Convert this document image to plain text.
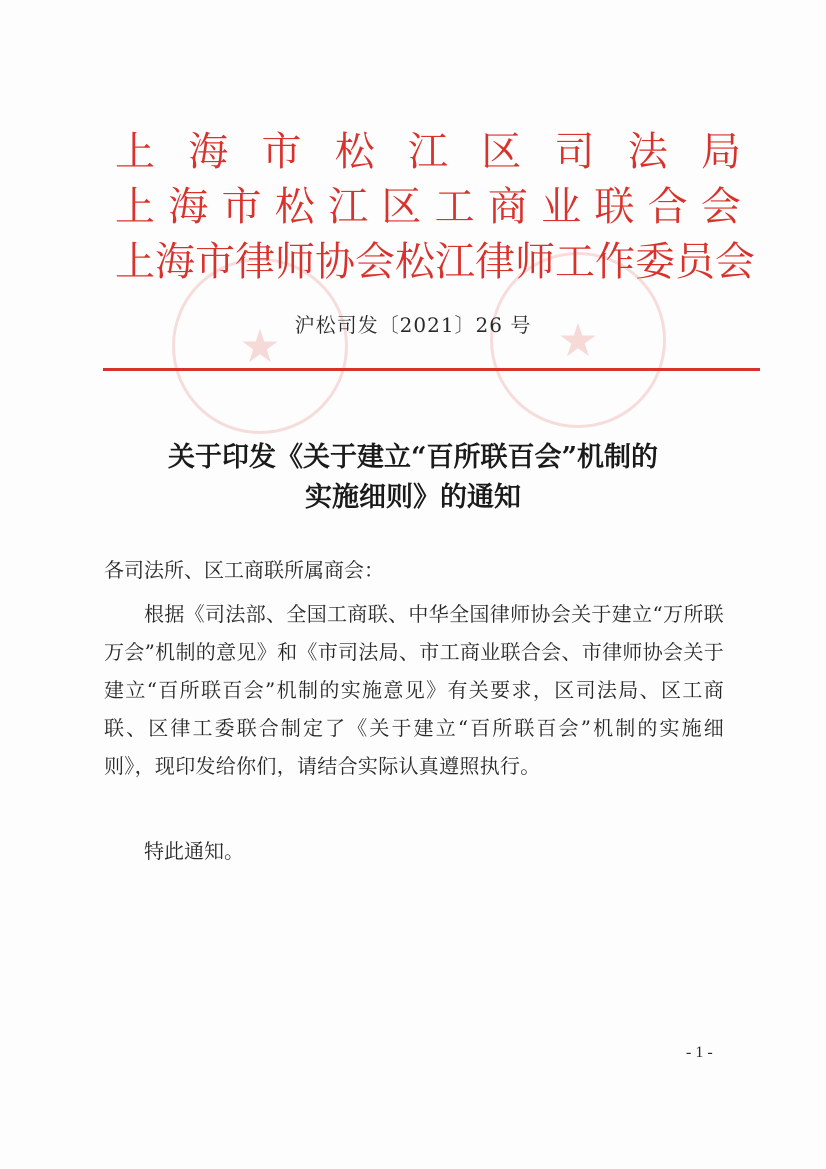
★	★
上 海 市 松 江 区 司 法 局
上 海 市 松 江 区 工 商 业 联 合 会
上 海 市 律 师 协 会 松 江 律 师 工 作 委 员 会
沪松司发〔2021〕26 号
关于印发《关于建立“百所联百会”机制的
实施细则》的通知
各司法所、区工商联所属商会：
根据《司法部、全国工商联、中华全国律师协会关于建立“万所联万会”机制的意见》和《市司法局、市工商业联合会、市律师协会关于建立“百所联百会”机制的实施意见》有关要求，区司法局、区工商联、区律工委联合制定了《关于建立“百所联百会”机制的实施细则》，现印发给你们，请结合实际认真遵照执行。
特此通知。
- 1 -
